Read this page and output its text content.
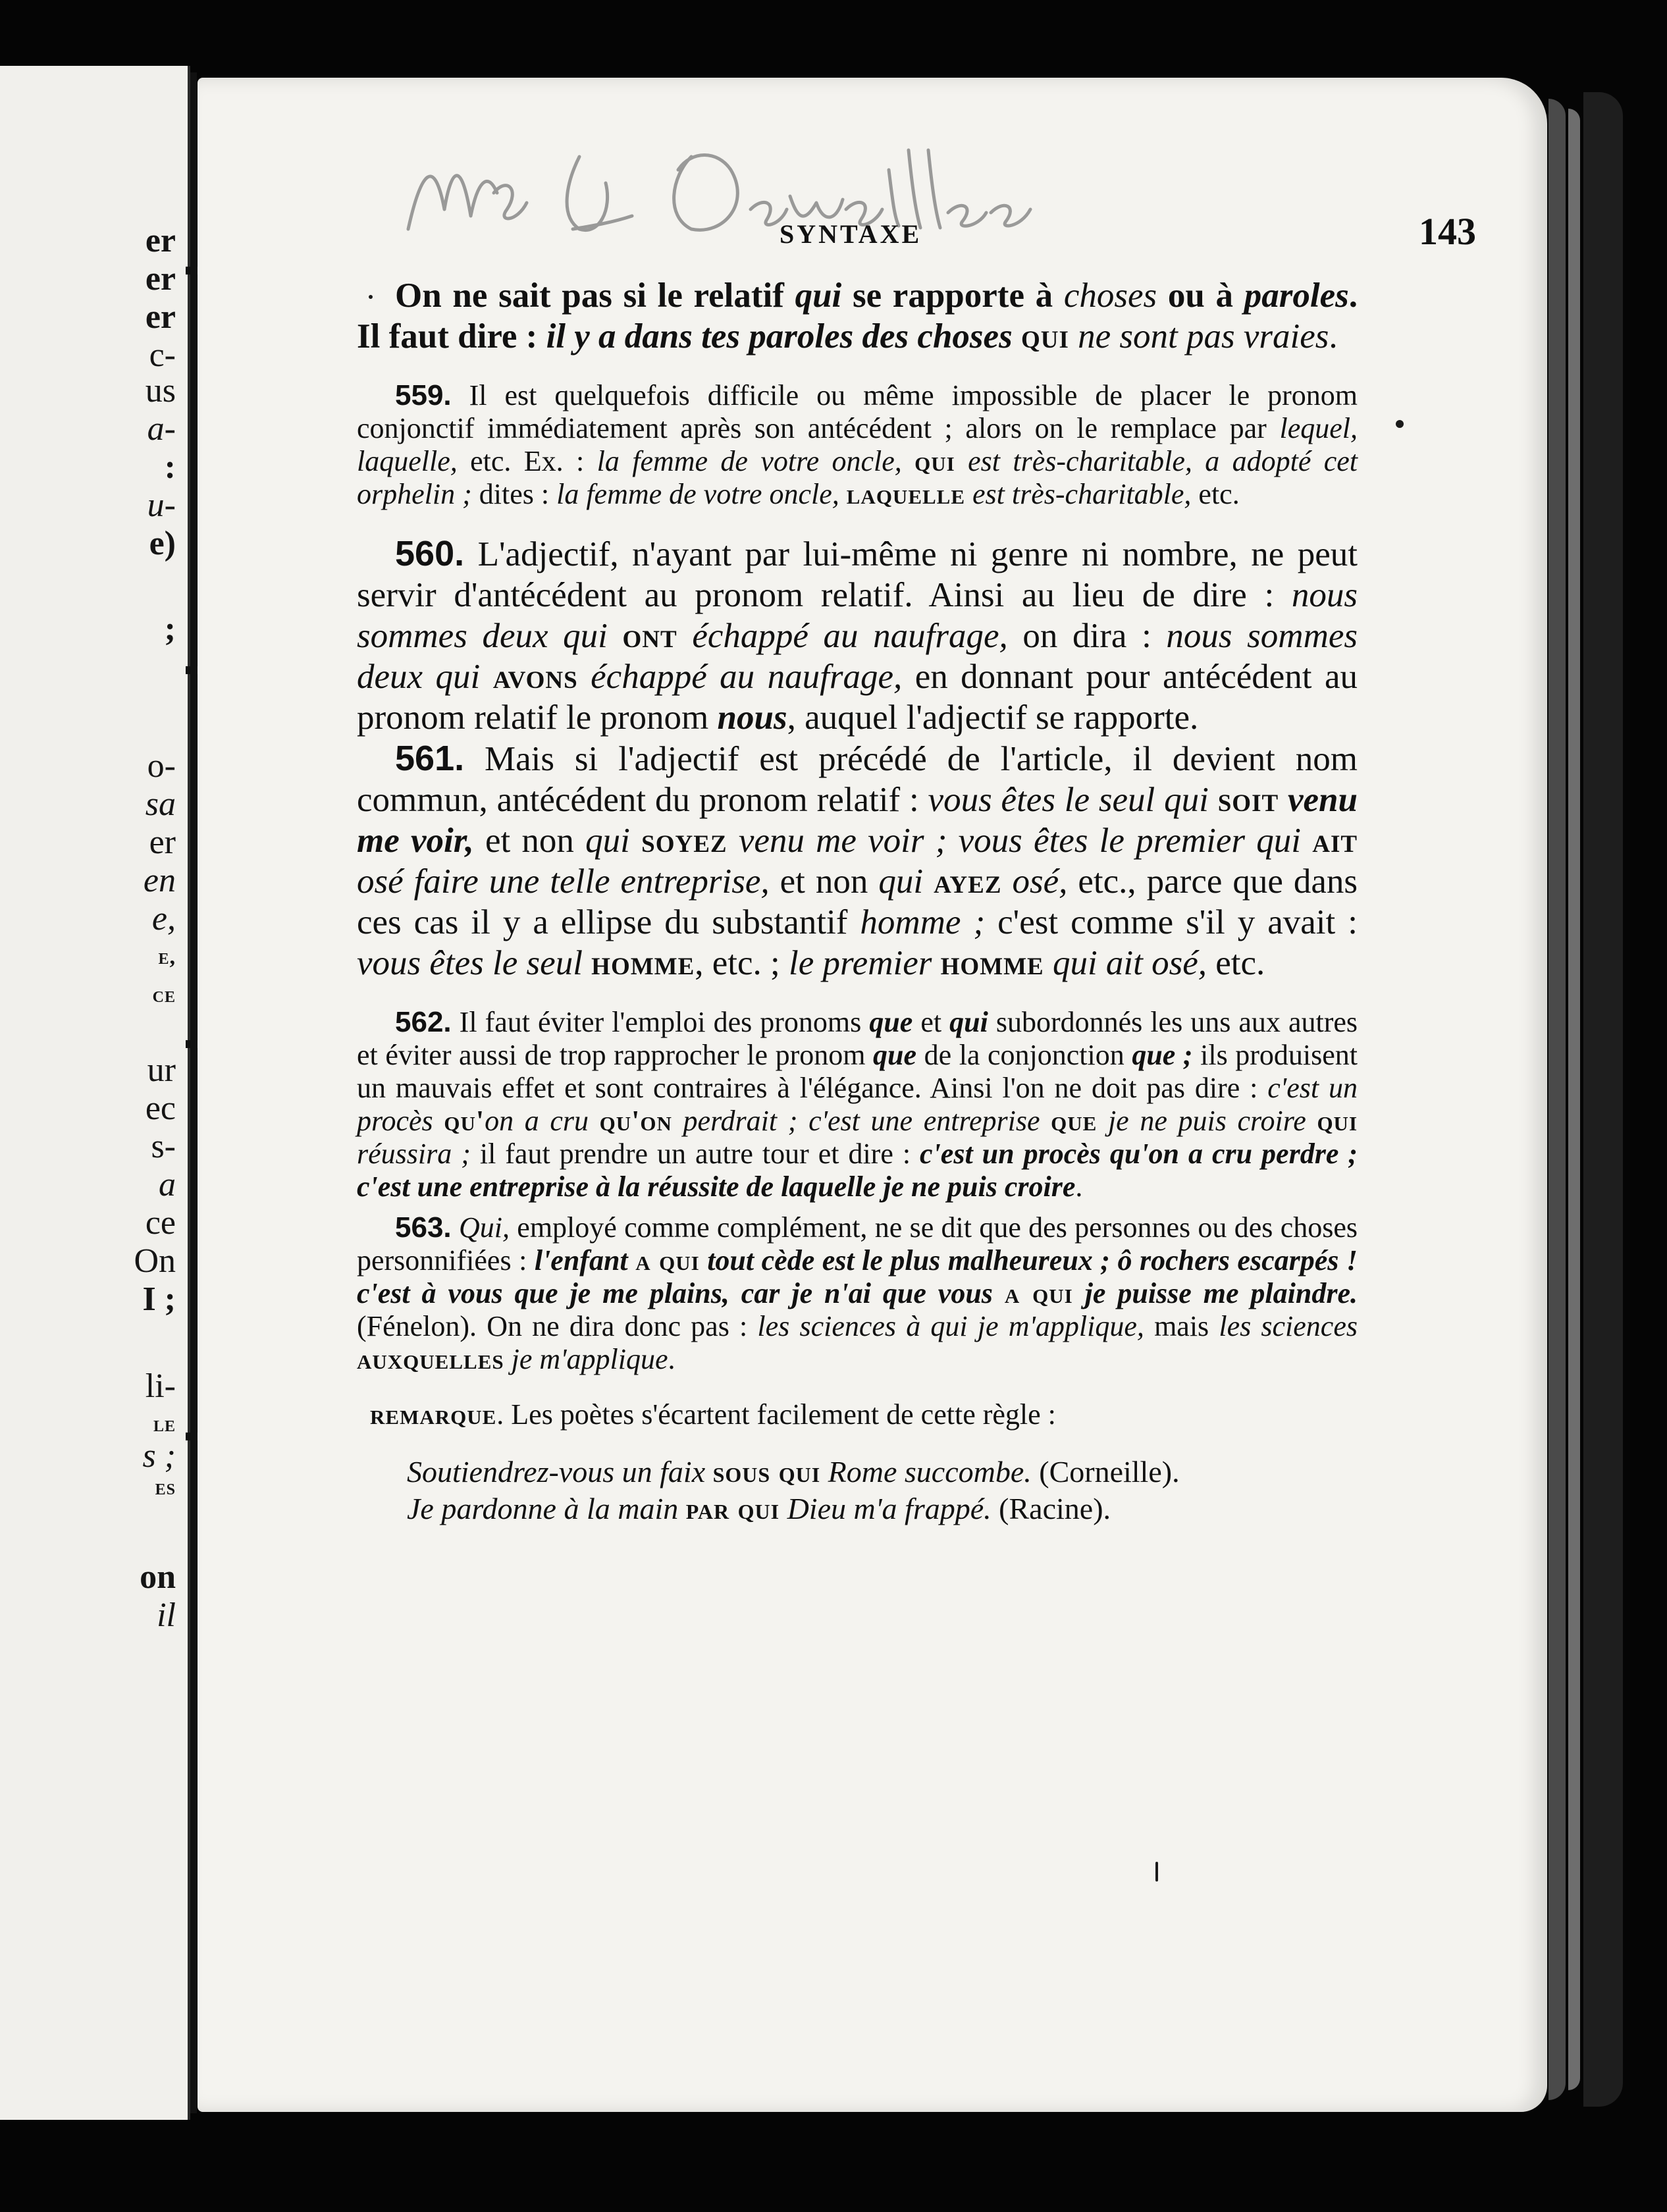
er
er
er
c-
us
a-
:
u-
e)
;
o-
sa
er
en
e,
e,
ce
ur
ec
s-
a
ce
On
I ;
li-
le
s ;
es
on
il
SYNTAXE	143

On ne sait pas si le relatif qui se rapporte à choses ou à paroles. Il faut dire : il y a dans tes paroles des choses qui ne sont pas vraies.

559. Il est quelquefois difficile ou même impossible de placer le pronom conjonctif immédiatement après son antécédent ; alors on le remplace par lequel, laquelle, etc. Ex. : la femme de votre oncle, qui est très-charitable, a adopté cet orphelin ; dites : la femme de votre oncle, laquelle est très-charitable, etc.

560. L'adjectif, n'ayant par lui-même ni genre ni nombre, ne peut servir d'antécédent au pronom relatif. Ainsi au lieu de dire : nous sommes deux qui ont échappé au naufrage, on dira : nous sommes deux qui avons échappé au naufrage, en donnant pour antécédent au pronom relatif le pronom nous, auquel l'adjectif se rapporte.

561. Mais si l'adjectif est précédé de l'article, il devient nom commun, antécédent du pronom relatif : vous êtes le seul qui soit venu me voir, et non qui soyez venu me voir ; vous êtes le premier qui ait osé faire une telle entreprise, et non qui ayez osé, etc., parce que dans ces cas il y a ellipse du substantif homme ; c'est comme s'il y avait : vous êtes le seul homme, etc. ; le premier homme qui ait osé, etc.

562. Il faut éviter l'emploi des pronoms que et qui subordonnés les uns aux autres et éviter aussi de trop rapprocher le pronom que de la conjonction que ; ils produisent un mauvais effet et sont contraires à l'élégance. Ainsi l'on ne doit pas dire : c'est un procès qu'on a cru qu'on perdrait ; c'est une entreprise que je ne puis croire qui réussira ; il faut prendre un autre tour et dire : c'est un procès qu'on a cru perdre ; c'est une entreprise à la réussite de laquelle je ne puis croire.

563. Qui, employé comme complément, ne se dit que des personnes ou des choses personnifiées : l'enfant a qui tout cède est le plus malheureux ; ô rochers escarpés ! c'est à vous que je me plains, car je n'ai que vous a qui je puisse me plaindre. (Fénelon). On ne dira donc pas : les sciences à qui je m'applique, mais les sciences auxquelles je m'applique.

remarque. Les poètes s'écartent facilement de cette règle :

Soutiendrez-vous un faix sous qui Rome succombe. (Corneille).

Je pardonne à la main par qui Dieu m'a frappé. (Racine).
